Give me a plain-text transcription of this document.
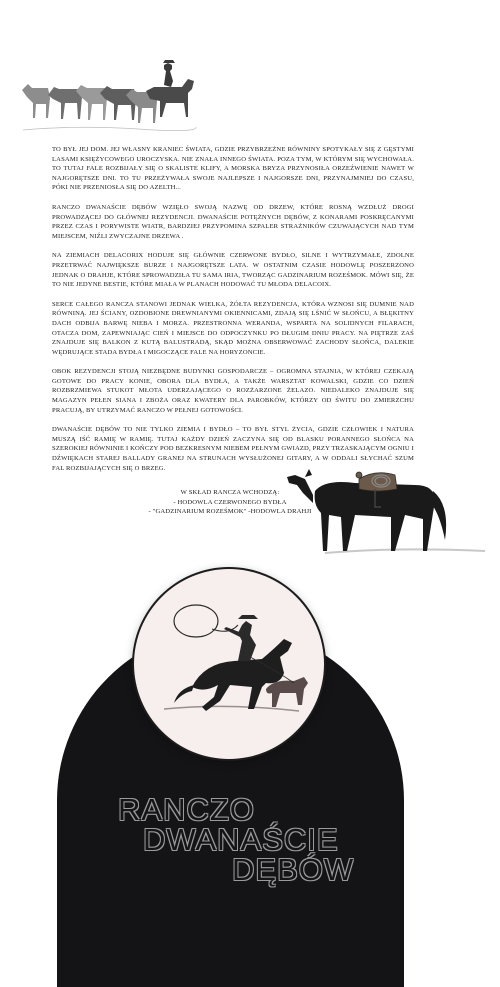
TO BYŁ JEJ DOM. JEJ WŁASNY KRANIEC ŚWIATA, GDZIE PRZYBRZEŻNE RÓWNINY SPOTYKAŁY SIĘ Z GĘSTYMI LASAMI KSIĘŻYCOWEGO UROCZYSKA. NIE ZNAŁA INNEGO ŚWIATA. POZA TYM, W KTÓRYM SIĘ WYCHOWAŁA. TO TUTAJ FALE ROZBIJAŁY SIĘ O SKALISTE KLIFY, A MORSKA BRYZA PRZYNOSIŁA ORZEŹWIENIE NAWET W NAJGORĘTSZE DNI. TO TU PRZEŻYWAŁA SWOJE NAJLEPSZE I NAJGORSZE DNI, PRZYNAJMNIEJ DO CZASU, PÓKI NIE PRZENIOSŁA SIĘ DO AZELTH...

RANCZO DWANAŚCIE DĘBÓW WZIĘŁO SWOJĄ NAZWĘ OD DRZEW, KTÓRE ROSNĄ WZDŁUŻ DROGI PROWADZĄCEJ DO GŁÓWNEJ REZYDENCJI. DWANAŚCIE POTĘŻNYCH DĘBÓW, Z KONARAMI POSKRĘCANYMI PRZEZ CZAS I PORYWISTE WIATR, BARDZIEJ PRZYPOMINA SZPALER STRAŻNIKÓW CZUWAJĄCYCH NAD TYM MIEJSCEM, NIŹLI ZWYCZAJNE DRZEWA .

NA ZIEMIACH DELACORIX HODUJE SIĘ GŁÓWNIE CZERWONE BYDŁO, SILNE I WYTRZYMAŁE, ZDOLNE PRZETRWAĆ NAJWIĘKSZE BURZE I NAJGORĘTSZE LATA. W OSTATNIM CZASIE HODOWLĘ POSZERZONO JEDNAK O DRAHJE, KTÓRE SPROWADZIŁA TU SAMA IRIA, TWORZĄC GADZINARIUM ROZEŚMOK. MÓWI SIĘ, ŻE TO NIE JEDYNE BESTIE, KTÓRE MIAŁA W PLANACH HODOWAĆ TU MŁODA DELACOIX.

SERCE CAŁEGO RANCZA STANOWI JEDNAK WIELKA, ŻÓŁTA REZYDENCJA, KTÓRA WZNOSI SIĘ DUMNIE NAD RÓWNINĄ. JEJ ŚCIANY, OZDOBIONE DREWNIANYMI OKIENNICAMI, ZDAJĄ SIĘ LŚNIĆ W SŁOŃCU, A BŁĘKITNY DACH ODBIJA BARWĘ NIEBA I MORZA. PRZESTRONNA WERANDA, WSPARTA NA SOLIDNYCH FILARACH, OTACZA DOM, ZAPEWNIAJĄC CIEŃ I MIEJSCE DO ODPOCZYNKU PO DŁUGIM DNIU PRACY. NA PIĘTRZE ZAŚ ZNAJDUJE SIĘ BALKON Z KUTĄ BALUSTRADĄ, SKĄD MOŻNA OBSERWOWAĆ ZACHODY SŁOŃCA, DALEKIE WĘDRUJĄCE STADA BYDŁA I MIGOCZĄCE FALE NA HORYZONCIE.

OBOK REZYDENCJI STOJĄ NIEZBĘDNE BUDYNKI GOSPODARCZE – OGROMNA STAJNIA, W KTÓREJ CZEKAJĄ GOTOWE DO PRACY KONIE, OBORA DLA BYDŁA, A TAKŻE WARSZTAT KOWALSKI, GDZIE CO DZIEŃ ROZBRZMIEWA STUKOT MŁOTA UDERZAJĄCEGO O ROZŻARZONE ŻELAZO. NIEDALEKO ZNAJDUJE SIĘ MAGAZYN PEŁEN SIANA I ZBOŻA ORAZ KWATERY DLA PAROBKÓW, KTÓRZY OD ŚWITU DO ZMIERZCHU PRACUJĄ, BY UTRZYMAĆ RANCZO W PEŁNEJ GOTOWOŚCI.

DWANAŚCIE DĘBÓW TO NIE TYLKO ZIEMIA I BYDŁO – TO BYŁ STYL ŻYCIA, GDZIE CZŁOWIEK I NATURA MUSZĄ IŚĆ RAMIĘ W RAMIĘ. TUTAJ KAŻDY DZIEŃ ZACZYNA SIĘ OD BLASKU PORANNEGO SŁOŃCA NA SZEROKIEJ RÓWNINIE I KOŃCZY POD BEZKRESNYM NIEBEM PEŁNYM GWIAZD, PRZY TRZASKAJĄCYM OGNIU I DŹWIĘKACH STAREJ BALLADY GRANEJ NA STRUNACH WYSŁUŻONEJ GITARY, A W ODDALI SŁYCHAĆ SZUM FAL ROZBIJAJĄCYCH SIĘ O BRZEG.

W SKŁAD RANCZA WCHODZĄ:
- HODOWLA CZERWONEGO BYDŁA
- "GADZINARIUM ROZEŚMOK" -HODOWLA DRAHJI
RANCZO
DWANAŚCIE
DĘBÓW
